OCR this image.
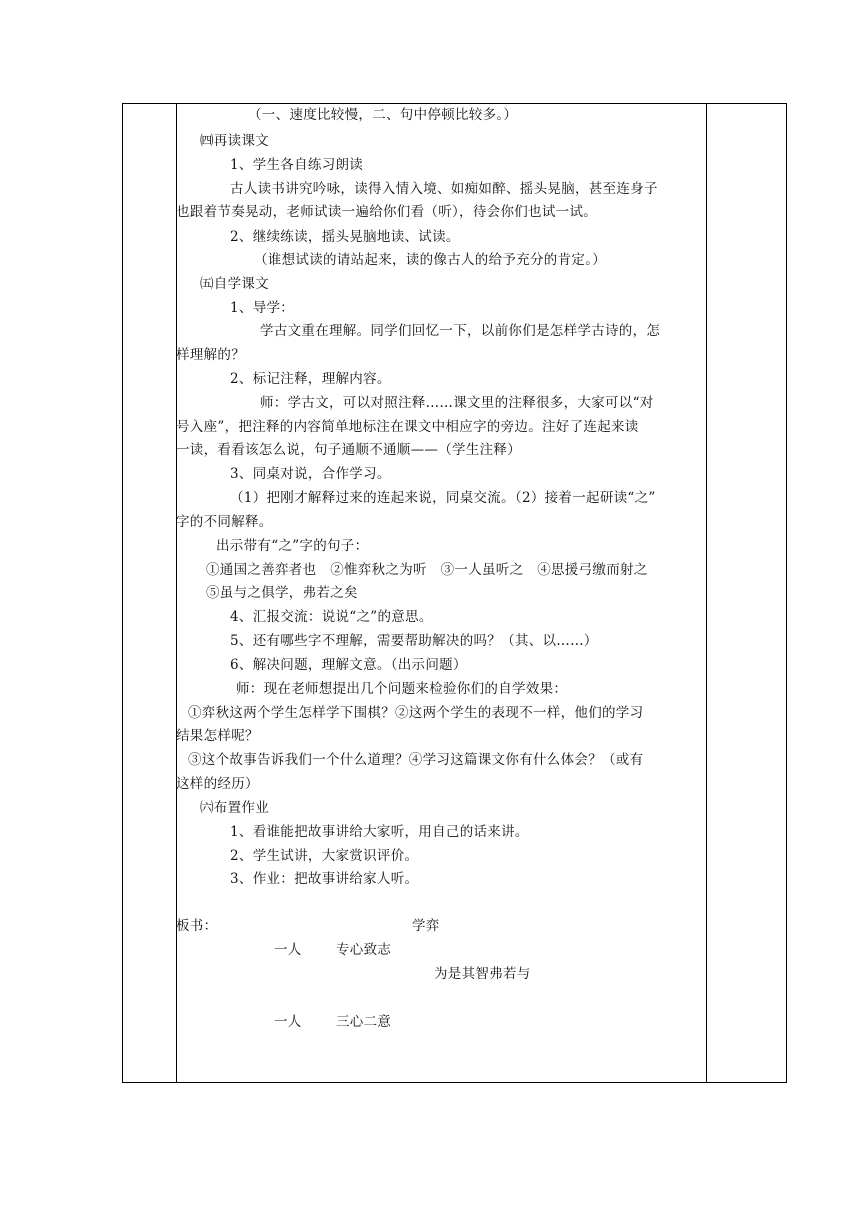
（一、速度比较慢，二、句中停顿比较多。）
㈣再读课文
1、学生各自练习朗读
古人读书讲究吟咏，读得入情入境、如痴如醉、摇头晃脑，甚至连身子
也跟着节奏晃动，老师试读一遍给你们看（听），待会你们也试一试。
2、继续练读，摇头晃脑地读、试读。
（谁想试读的请站起来，读的像古人的给予充分的肯定。）
㈤自学课文
1、导学：
学古文重在理解。同学们回忆一下，以前你们是怎样学古诗的，怎
样理解的？
2、标记注释，理解内容。
师：学古文，可以对照注释……课文里的注释很多，大家可以“对
号入座”，把注释的内容简单地标注在课文中相应字的旁边。注好了连起来读
一读，看看该怎么说，句子通顺不通顺——（学生注释）
3、同桌对说，合作学习。
（1）把刚才解释过来的连起来说，同桌交流。（2）接着一起研读“之”
字的不同解释。
出示带有“之”字的句子：
①通国之善弈者也　②惟弈秋之为听　③一人虽听之　④思援弓缴而射之
⑤虽与之俱学，弗若之矣
4、汇报交流：说说“之”的意思。
5、还有哪些字不理解，需要帮助解决的吗？（其、以……）
6、解决问题，理解文意。（出示问题）
师：现在老师想提出几个问题来检验你们的自学效果：
①弈秋这两个学生怎样学下围棋？②这两个学生的表现不一样，他们的学习
结果怎样呢？
③这个故事告诉我们一个什么道理？④学习这篇课文你有什么体会？（或有
这样的经历）
㈥布置作业
1、看谁能把故事讲给大家听，用自己的话来讲。
2、学生试讲，大家赏识评价。
3、作业：把故事讲给家人听。
板书：	学弈
一人	专心致志
为是其智弗若与
一人	三心二意
